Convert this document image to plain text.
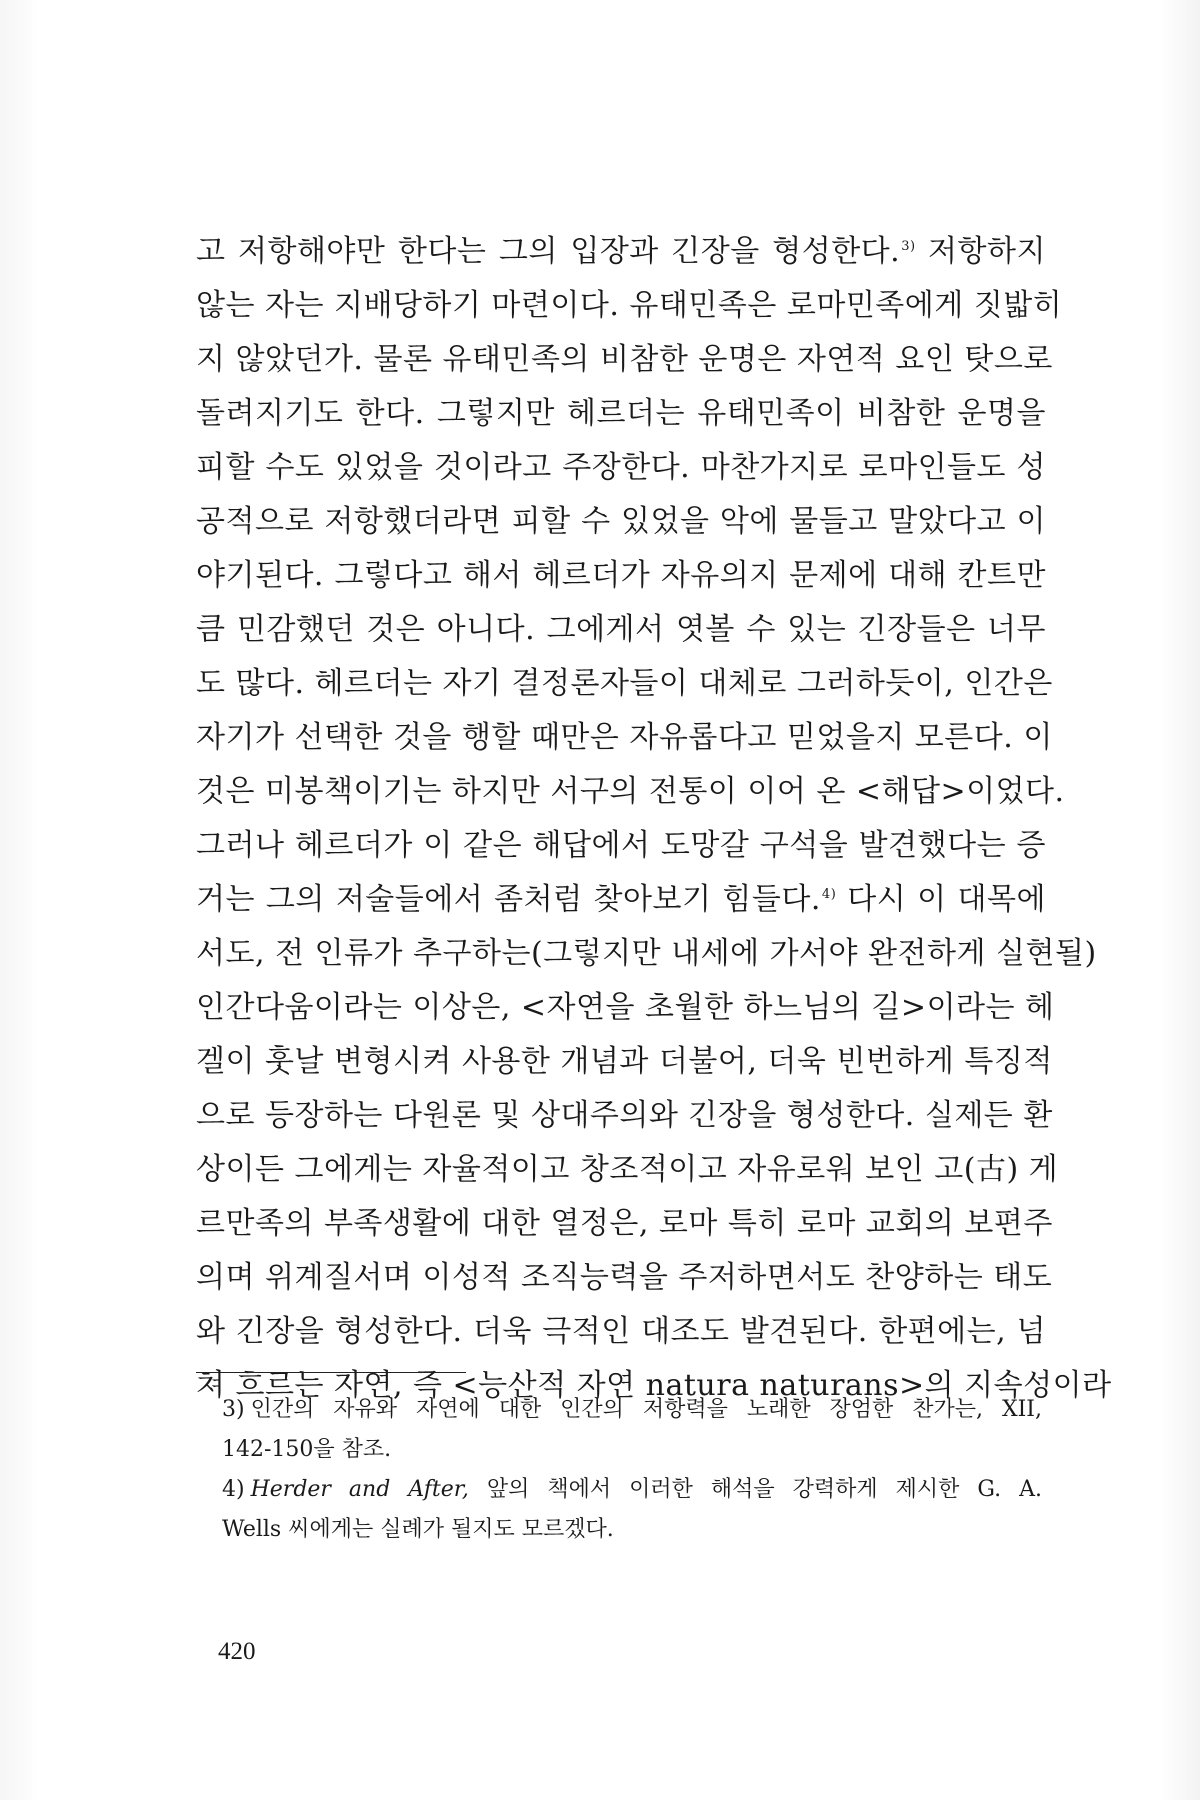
고 저항해야만 한다는 그의 입장과 긴장을 형성한다.$^{3)}$ 저항하지
않는 자는 지배당하기 마련이다. 유태민족은 로마민족에게 짓밟히
지 않았던가. 물론 유태민족의 비참한 운명은 자연적 요인 탓으로
돌려지기도 한다. 그렇지만 헤르더는 유태민족이 비참한 운명을
피할 수도 있었을 것이라고 주장한다. 마찬가지로 로마인들도 성
공적으로 저항했더라면 피할 수 있었을 악에 물들고 말았다고 이
야기된다. 그렇다고 해서 헤르더가 자유의지 문제에 대해 칸트만
큼 민감했던 것은 아니다. 그에게서 엿볼 수 있는 긴장들은 너무
도 많다. 헤르더는 자기 결정론자들이 대체로 그러하듯이, 인간은
자기가 선택한 것을 행할 때만은 자유롭다고 믿었을지 모른다. 이
것은 미봉책이기는 하지만 서구의 전통이 이어 온 <해답>이었다.
그러나 헤르더가 이 같은 해답에서 도망갈 구석을 발견했다는 증
거는 그의 저술들에서 좀처럼 찾아보기 힘들다.$^{4)}$ 다시 이 대목에
서도, 전 인류가 추구하는(그렇지만 내세에 가서야 완전하게 실현될)
인간다움이라는 이상은, <자연을 초월한 하느님의 길>이라는 헤
겔이 훗날 변형시켜 사용한 개념과 더불어, 더욱 빈번하게 특징적
으로 등장하는 다원론 및 상대주의와 긴장을 형성한다. 실제든 환
상이든 그에게는 자율적이고 창조적이고 자유로워 보인 고(古) 게
르만족의 부족생활에 대한 열정은, 로마 특히 로마 교회의 보편주
의며 위계질서며 이성적 조직능력을 주저하면서도 찬양하는 태도
와 긴장을 형성한다. 더욱 극적인 대조도 발견된다. 한편에는, 넘
쳐 흐르는 자연, 즉 <능산적 자연 natura naturans>의 지속성이라
3) 인간의 자유와 자연에 대한 인간의 저항력을 노래한 장엄한 찬가는, XII,
142-150을 참조.
4) Herder and After, 앞의 책에서 이러한 해석을 강력하게 제시한 G. A.
Wells 씨에게는 실례가 될지도 모르겠다.
420
